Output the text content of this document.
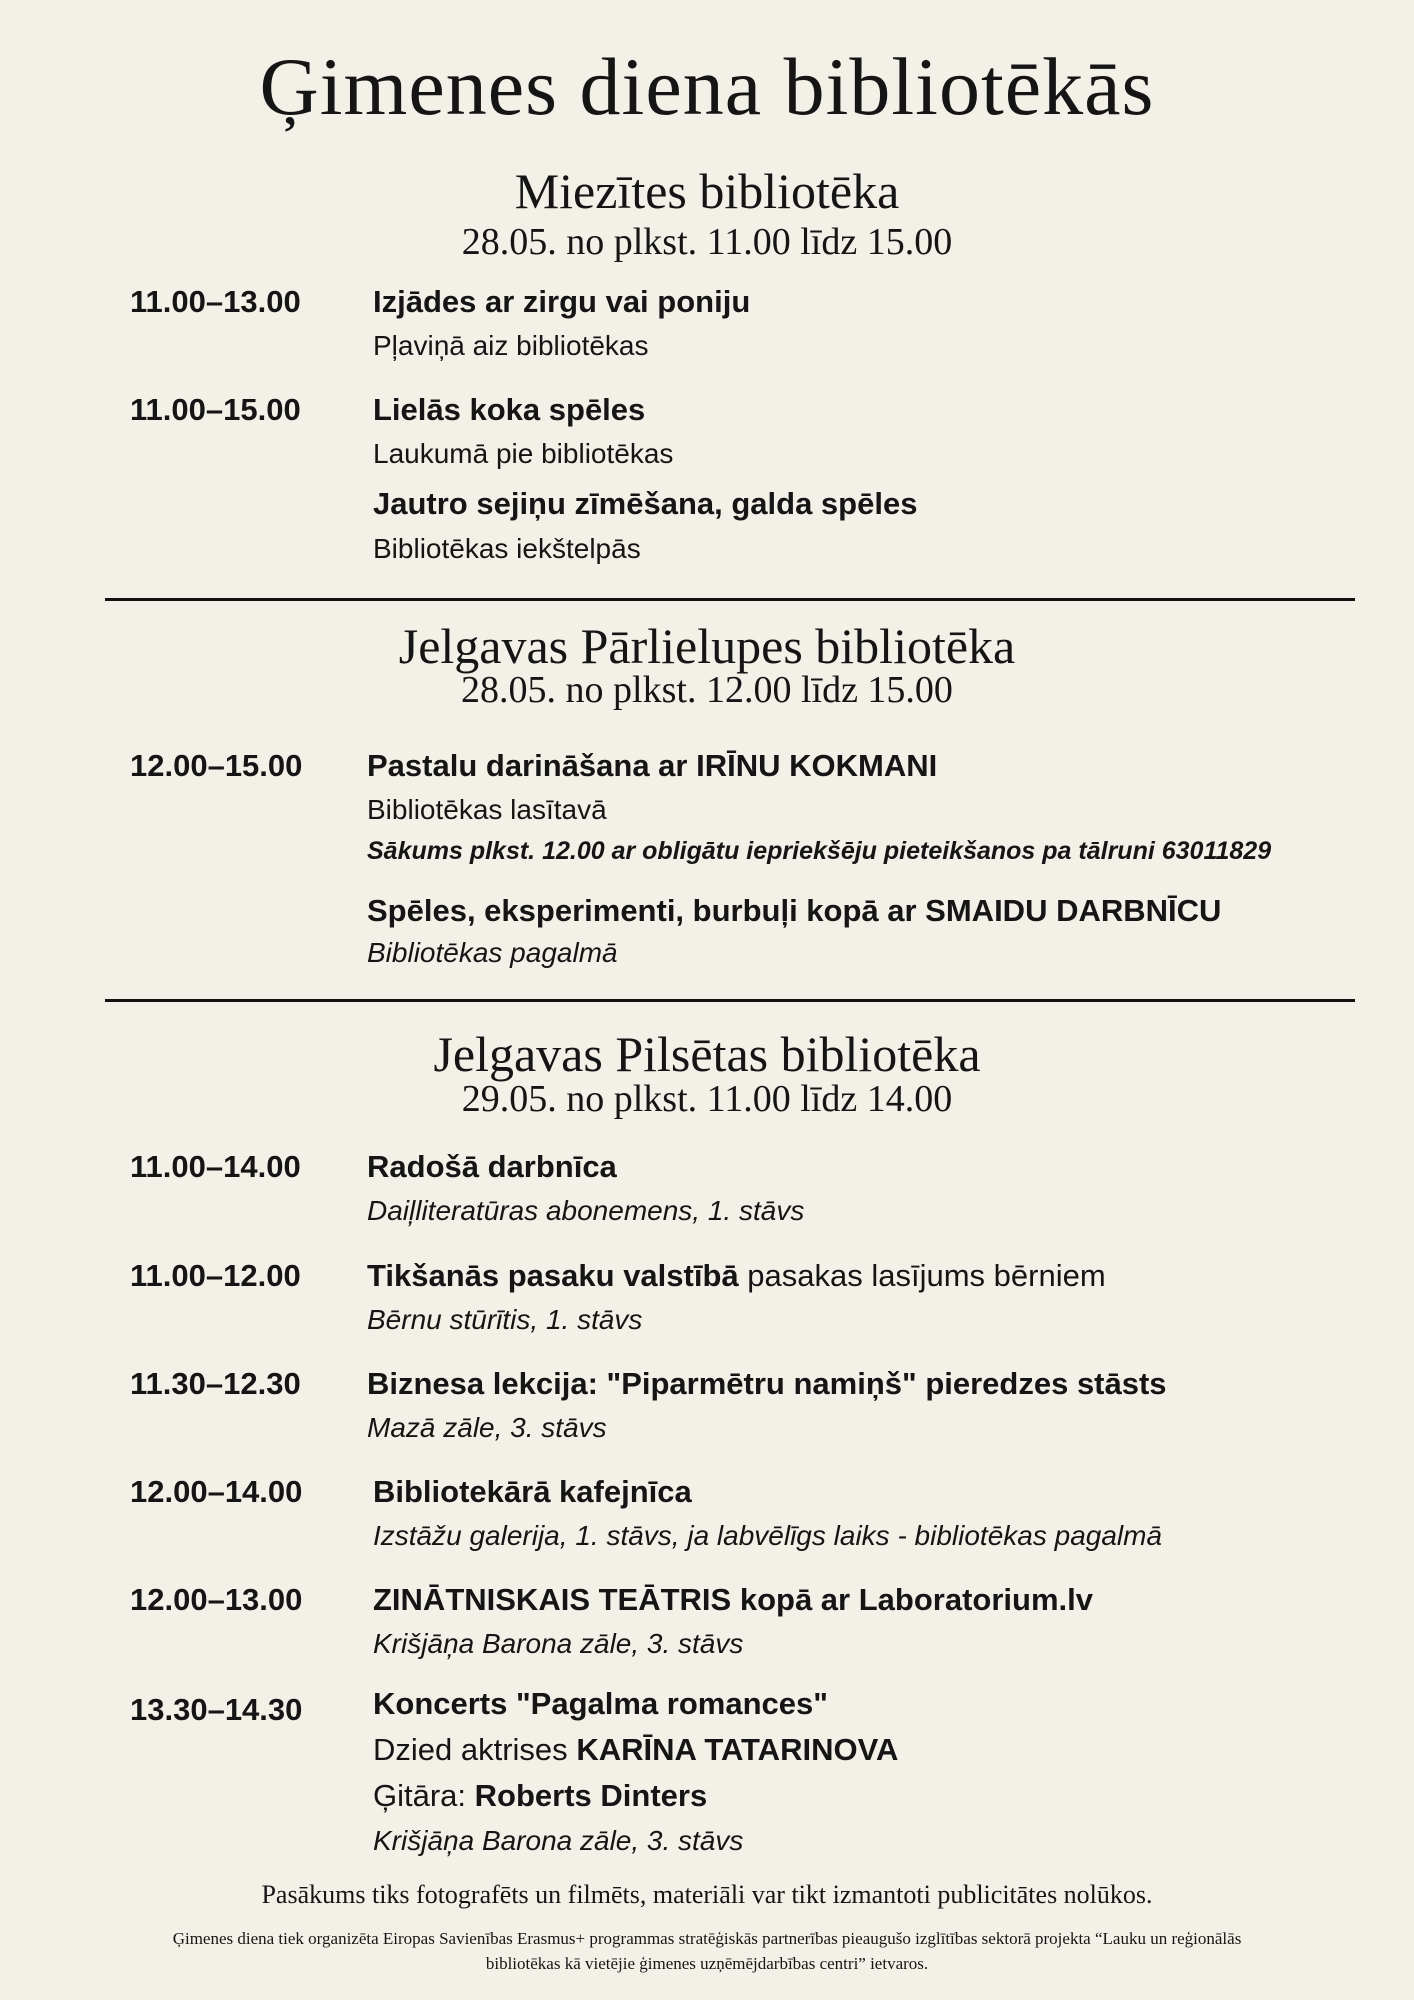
Ģimenes diena bibliotēkās
Miezītes bibliotēka
28.05. no plkst. 11.00 līdz 15.00
11.00–13.00 Izjādes ar zirgu vai poniju
Pļaviņā aiz bibliotēkas
11.00–15.00 Lielās koka spēles
Laukumā pie bibliotēkas
Jautro sejiņu zīmēšana, galda spēles
Bibliotēkas iekštelpās
Jelgavas Pārlielupes bibliotēka
28.05. no plkst. 12.00 līdz 15.00
12.00–15.00 Pastalu darināšana ar IRĪNU KOKMANI
Bibliotēkas lasītavā
Sākums plkst. 12.00 ar obligātu iepriekšēju pieteikšanos pa tālruni 63011829
Spēles, eksperimenti, burbuļi kopā ar SMAIDU DARBNĪCU
Bibliotēkas pagalmā
Jelgavas Pilsētas bibliotēka
29.05. no plkst. 11.00 līdz 14.00
11.00–14.00 Radošā darbnīca
Daiļliteratūras abonemens, 1. stāvs
11.00–12.00 Tikšanās pasaku valstībā pasakas lasījums bērniem
Bērnu stūrītis, 1. stāvs
11.30–12.30 Biznesa lekcija: "Piparmētru namiņš" pieredzes stāsts
Mazā zāle, 3. stāvs
12.00–14.00 Bibliotekārā kafejnīca
Izstāžu galerija, 1. stāvs, ja labvēlīgs laiks - bibliotēkas pagalmā
12.00–13.00 ZINĀTNISKAIS TEĀTRIS kopā ar Laboratorium.lv
Krišjāņa Barona zāle, 3. stāvs
13.30–14.30 Koncerts "Pagalma romances"
Dzied aktrises KARĪNA TATARINOVA
Ģitāra: Roberts Dinters
Krišjāņa Barona zāle, 3. stāvs
Pasākums tiks fotografēts un filmēts, materiāli var tikt izmantoti publicitātes nolūkos.
Ģimenes diena tiek organizēta Eiropas Savienības Erasmus+ programmas stratēģiskās partnerības pieaugušo izglītības sektorā projekta “Lauku un reģionālās
bibliotēkas kā vietējie ģimenes uzņēmējdarbības centri” ietvaros.
